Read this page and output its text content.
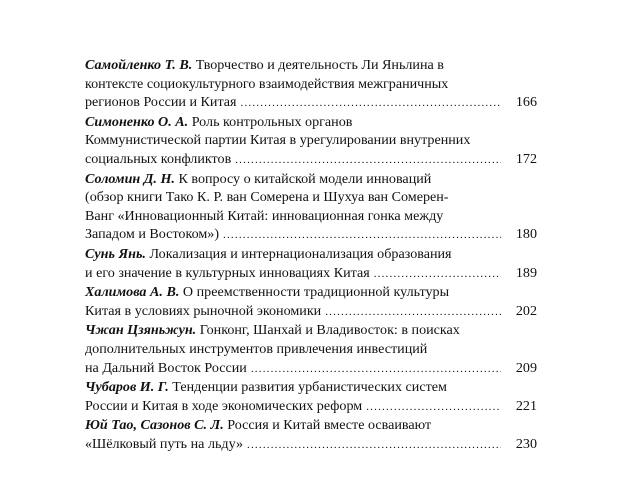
Самойленко Т. В. Творчество и деятельность Ли Яньлина в
контексте социокультурного взаимодействия межграничных
регионов России и Китая .....	166
Симоненко О. А. Роль контрольных органов
Коммунистической партии Китая в урегулировании внутренних
социальных конфликтов .....	172
Соломин Д. Н. К вопросу о китайской модели инноваций
(обзор книги Тако К. Р. ван Сомерена и Шухуа ван Сомерен-
Ванг «Инновационный Китай: инновационная гонка между
Западом и Востоком») .....	180
Сунь Янь. Локализация и интернационализация образования
и его значение в культурных инновациях Китая .....	189
Халимова А. В. О преемственности традиционной культуры
Китая в условиях рыночной экономики .....	202
Чжан Цзяньжун. Гонконг, Шанхай и Владивосток: в поисках
дополнительных инструментов привлечения инвестиций
на Дальний Восток России .....	209
Чубаров И. Г. Тенденции развития урбанистических систем
России и Китая в ходе экономических реформ .....	221
Юй Тао, Сазонов С. Л. Россия и Китай вместе осваивают
«Шёлковый путь на льду» .....	230
